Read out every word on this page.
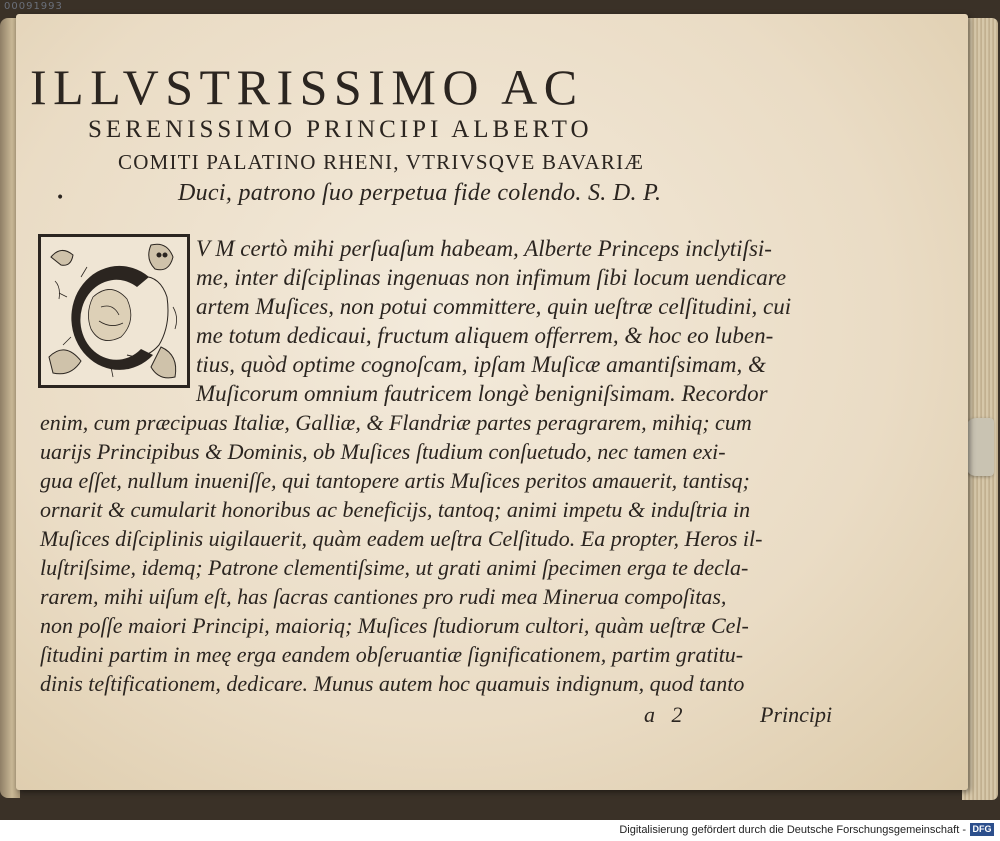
00091993
ILLVSTRISSIMO AC
SERENISSIMO PRINCIPI ALBERTO
COMITI PALATINO RHENI, VTRIVSQVE BAVARIÆ
•	Duci, patrono ſuo perpetua fide colendo. S. D. P.
V M certò mihi perſuaſum habeam, Alberte Princeps inclytiſsi-
me, inter diſciplinas ingenuas non infimum ſibi locum uendicare
artem Muſices, non potui committere, quin ueſtræ celſitudini, cui
me totum dedicaui, fructum aliquem offerrem, & hoc eo luben-
tius, quòd optime cognoſcam, ipſam Muſicæ amantiſsimam, &
Muſicorum omnium fautricem longè benigniſsimam. Recordor
enim, cum præcipuas Italiæ, Galliæ, & Flandriæ partes peragrarem, mihiq; cum
uarijs Principibus & Dominis, ob Muſices ſtudium conſuetudo, nec tamen exi-
gua eſſet, nullum inueniſſe, qui tantopere artis Muſices peritos amauerit, tantisq;
ornarit & cumularit honoribus ac beneficijs, tantoq; animi impetu & induſtria in
Muſices diſciplinis uigilauerit, quàm eadem ueſtra Celſitudo. Ea propter, Heros il-
luſtriſsime, idemq; Patrone clementiſsime, ut grati animi ſpecimen erga te decla-
rarem, mihi uiſum eſt, has ſacras cantiones pro rudi mea Minerua compoſitas,
non poſſe maiori Principi, maioriq; Muſices ſtudiorum cultori, quàm ueſtræ Cel-
ſitudini partim in meę erga eandem obſeruantiæ ſignificationem, partim gratitu-
dinis teſtificationem, dedicare. Munus autem hoc quamuis indignum, quod tanto
a   2	Principi
Digitalisierung gefördert durch die Deutsche Forschungsgemeinschaft - DFG
